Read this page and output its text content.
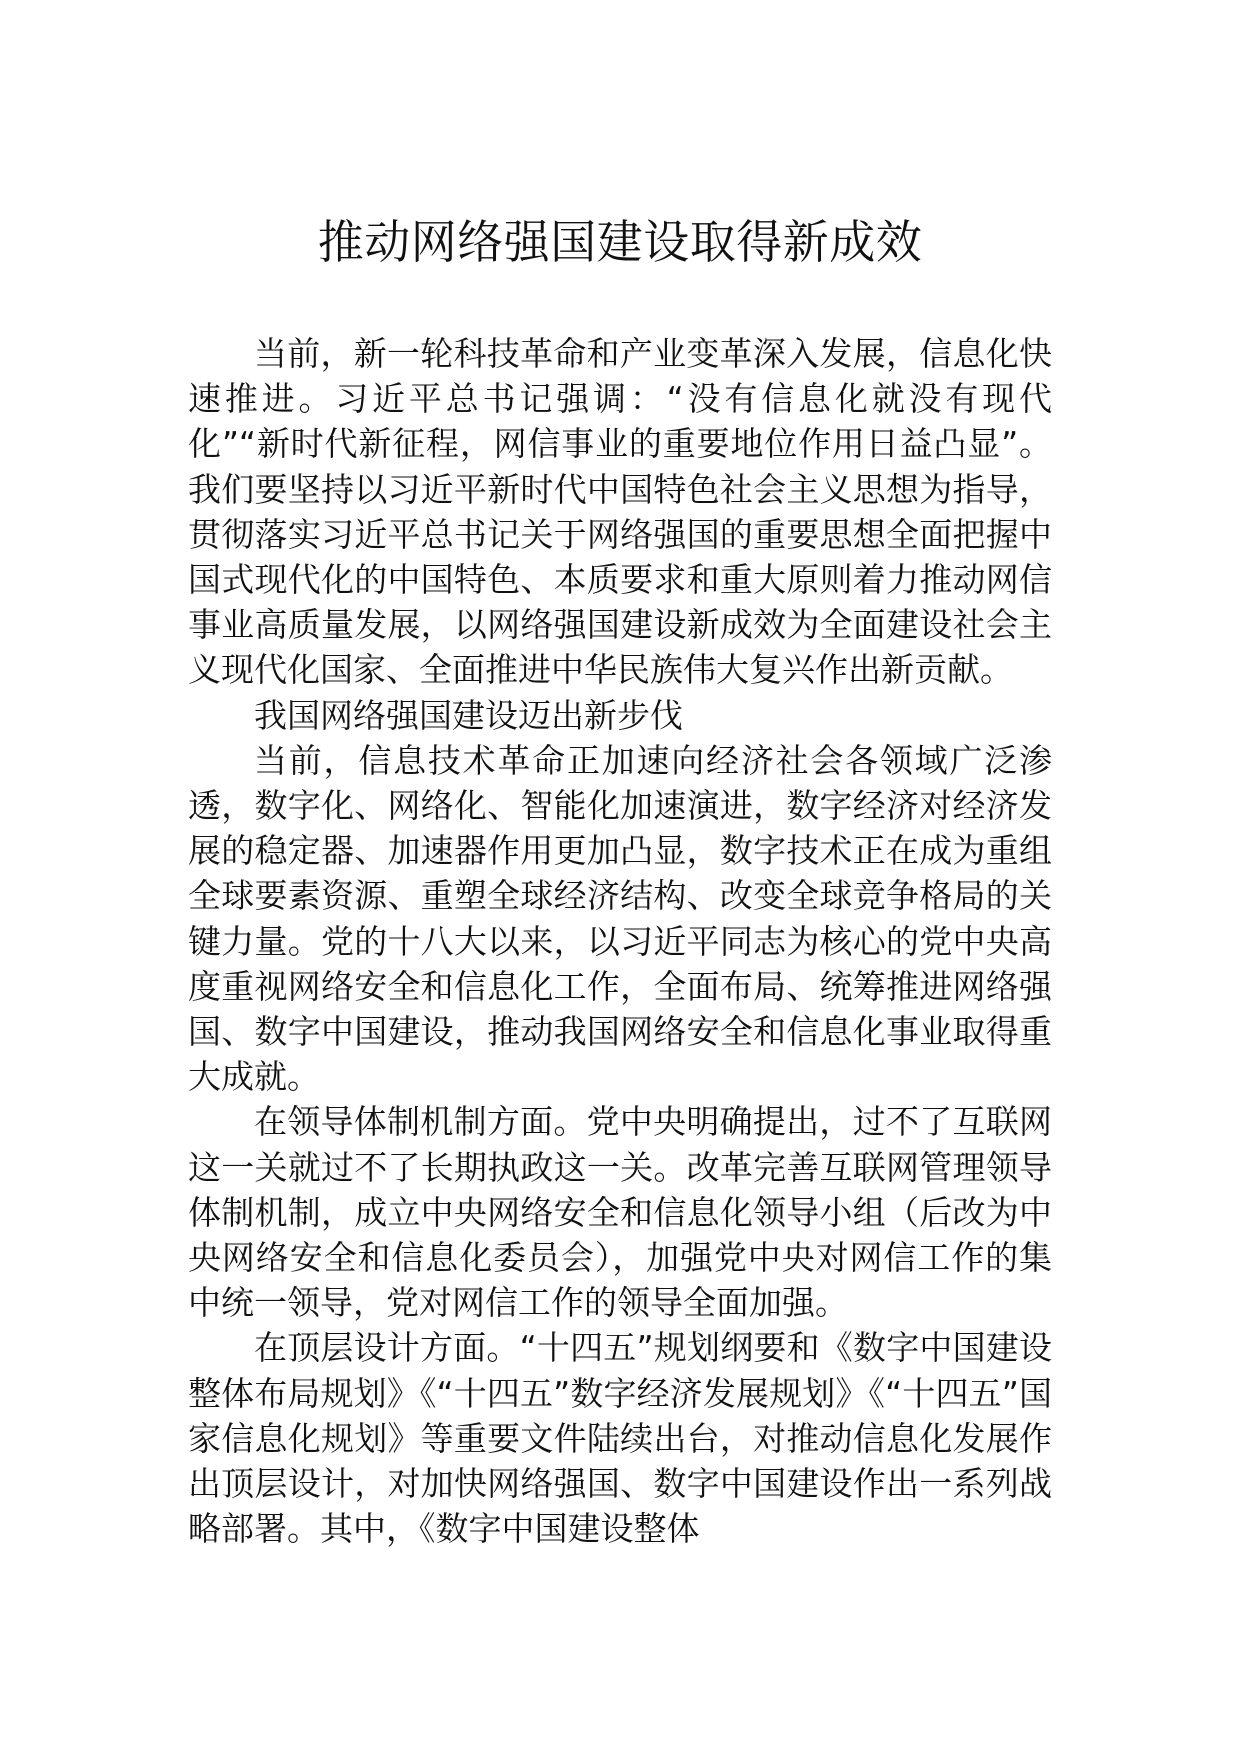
推动网络强国建设取得新成效

当前，新一轮科技革命和产业变革深入发展，信息化快速推进。习近平总书记强调：“没有信息化就没有现代化”“新时代新征程，网信事业的重要地位作用日益凸显”。我们要坚持以习近平新时代中国特色社会主义思想为指导，贯彻落实习近平总书记关于网络强国的重要思想全面把握中国式现代化的中国特色、本质要求和重大原则着力推动网信事业高质量发展，以网络强国建设新成效为全面建设社会主义现代化国家、全面推进中华民族伟大复兴作出新贡献。

我国网络强国建设迈出新步伐

当前，信息技术革命正加速向经济社会各领域广泛渗透，数字化、网络化、智能化加速演进，数字经济对经济发展的稳定器、加速器作用更加凸显，数字技术正在成为重组全球要素资源、重塑全球经济结构、改变全球竞争格局的关键力量。党的十八大以来，以习近平同志为核心的党中央高度重视网络安全和信息化工作，全面布局、统筹推进网络强国、数字中国建设，推动我国网络安全和信息化事业取得重大成就。

在领导体制机制方面。党中央明确提出，过不了互联网这一关就过不了长期执政这一关。改革完善互联网管理领导体制机制，成立中央网络安全和信息化领导小组（后改为中央网络安全和信息化委员会），加强党中央对网信工作的集中统一领导，党对网信工作的领导全面加强。

在顶层设计方面。“十四五”规划纲要和《数字中国建设整体布局规划》《“十四五”数字经济发展规划》《“十四五”国家信息化规划》等重要文件陆续出台，对推动信息化发展作出顶层设计，对加快网络强国、数字中国建设作出一系列战略部署。其中，《数字中国建设整体
